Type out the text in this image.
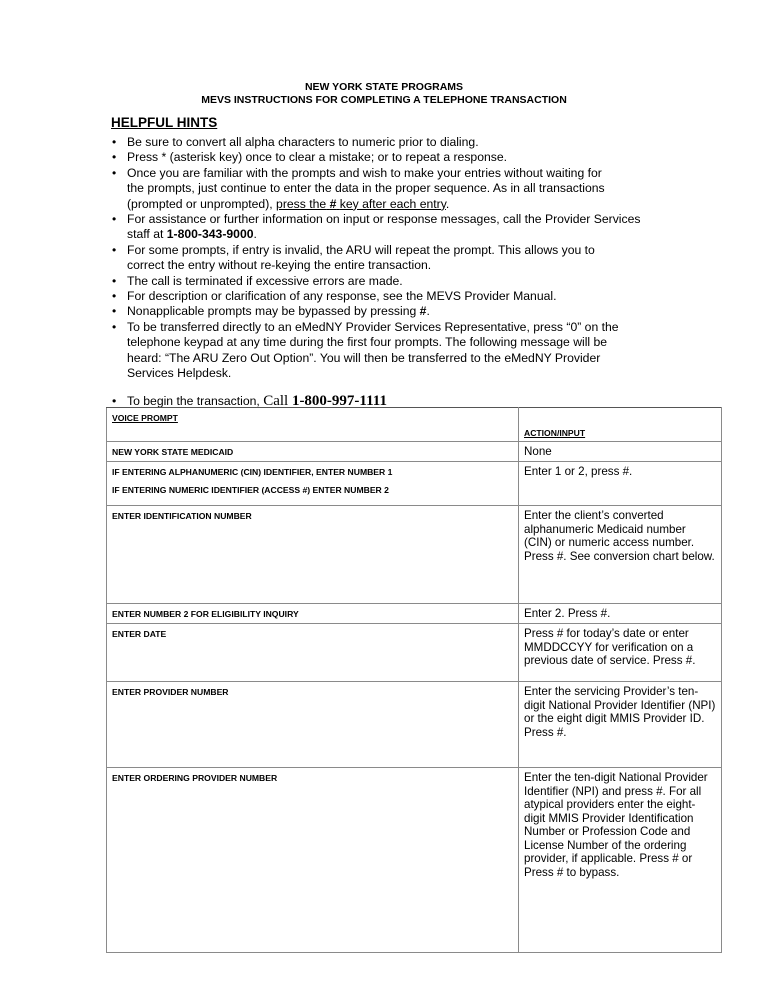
NEW YORK STATE PROGRAMS
MEVS INSTRUCTIONS FOR COMPLETING A TELEPHONE TRANSACTION
HELPFUL HINTS
• Be sure to convert all alpha characters to numeric prior to dialing.
• Press * (asterisk key) once to clear a mistake; or to repeat a response.
• Once you are familiar with the prompts and wish to make your entries without waiting for
the prompts, just continue to enter the data in the proper sequence. As in all transactions
(prompted or unprompted), press the # key after each entry.
• For assistance or further information on input or response messages, call the Provider Services
staff at 1-800-343-9000.
• For some prompts, if entry is invalid, the ARU will repeat the prompt. This allows you to
correct the entry without re-keying the entire transaction.
• The call is terminated if excessive errors are made.
• For description or clarification of any response, see the MEVS Provider Manual.
• Nonapplicable prompts may be bypassed by pressing #.
• To be transferred directly to an eMedNY Provider Services Representative, press “0” on the
telephone keypad at any time during the first four prompts. The following message will be
heard: “The ARU Zero Out Option”. You will then be transferred to the eMedNY Provider
Services Helpdesk.
• To begin the transaction, Call 1-800-997-1111
VOICE PROMPT	ACTION/INPUT
NEW YORK STATE MEDICAID	None
IF ENTERING ALPHANUMERIC (CIN) IDENTIFIER, ENTER NUMBER 1
IF ENTERING NUMERIC IDENTIFIER (ACCESS #) ENTER NUMBER 2	Enter 1 or 2, press #.
ENTER IDENTIFICATION NUMBER	Enter the client’s converted alphanumeric Medicaid number (CIN) or numeric access number. Press #. See conversion chart below.
ENTER NUMBER 2 FOR ELIGIBILITY INQUIRY	Enter 2. Press #.
ENTER DATE	Press # for today’s date or enter MMDDCCYY for verification on a previous date of service. Press #.
ENTER PROVIDER NUMBER	Enter the servicing Provider’s ten-digit National Provider Identifier (NPI) or the eight digit MMIS Provider ID. Press #.
ENTER ORDERING PROVIDER NUMBER	Enter the ten-digit National Provider Identifier (NPI) and press #. For all atypical providers enter the eight-digit MMIS Provider Identification Number or Profession Code and License Number of the ordering provider, if applicable. Press # or Press # to bypass.
